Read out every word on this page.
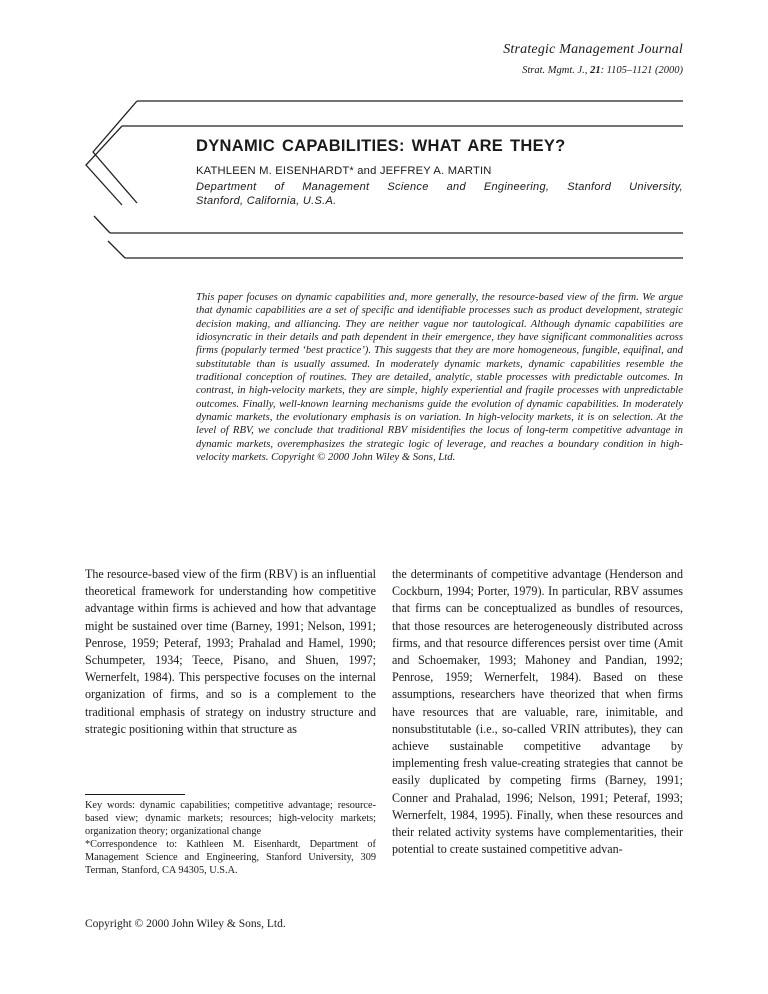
Strategic Management Journal
Strat. Mgmt. J., 21: 1105–1121 (2000)
DYNAMIC CAPABILITIES: WHAT ARE THEY?
KATHLEEN M. EISENHARDT* and JEFFREY A. MARTIN
Department of Management Science and Engineering, Stanford University,
Stanford, California, U.S.A.
This paper focuses on dynamic capabilities and, more generally, the resource-based view of the firm. We argue that dynamic capabilities are a set of specific and identifiable processes such as product development, strategic decision making, and alliancing. They are neither vague nor tautological. Although dynamic capabilities are idiosyncratic in their details and path dependent in their emergence, they have significant commonalities across firms (popularly termed ‘best practice’). This suggests that they are more homogeneous, fungible, equifinal, and substitutable than is usually assumed. In moderately dynamic markets, dynamic capabilities resemble the traditional conception of routines. They are detailed, analytic, stable processes with predictable outcomes. In contrast, in high-velocity markets, they are simple, highly experiential and fragile processes with unpredictable outcomes. Finally, well-known learning mechanisms guide the evolution of dynamic capabilities. In moderately dynamic markets, the evolutionary emphasis is on variation. In high-velocity markets, it is on selection. At the level of RBV, we conclude that traditional RBV misidentifies the locus of long-term competitive advantage in dynamic markets, overemphasizes the strategic logic of leverage, and reaches a boundary condition in high-velocity markets. Copyright © 2000 John Wiley & Sons, Ltd.

The resource-based view of the firm (RBV) is an influential theoretical framework for understanding how competitive advantage within firms is achieved and how that advantage might be sustained over time (Barney, 1991; Nelson, 1991; Penrose, 1959; Peteraf, 1993; Prahalad and Hamel, 1990; Schumpeter, 1934; Teece, Pisano, and Shuen, 1997; Wernerfelt, 1984). This perspective focuses on the internal organization of firms, and so is a complement to the traditional emphasis of strategy on industry structure and strategic positioning within that structure as

the determinants of competitive advantage (Henderson and Cockburn, 1994; Porter, 1979). In particular, RBV assumes that firms can be conceptualized as bundles of resources, that those resources are heterogeneously distributed across firms, and that resource differences persist over time (Amit and Schoemaker, 1993; Mahoney and Pandian, 1992; Penrose, 1959; Wernerfelt, 1984). Based on these assumptions, researchers have theorized that when firms have resources that are valuable, rare, inimitable, and nonsubstitutable (i.e., so-called VRIN attributes), they can achieve sustainable competitive advantage by implementing fresh value-creating strategies that cannot be easily duplicated by competing firms (Barney, 1991; Conner and Prahalad, 1996; Nelson, 1991; Peteraf, 1993; Wernerfelt, 1984, 1995). Finally, when these resources and their related activity systems have complementarities, their potential to create sustained competitive advan-

Key words: dynamic capabilities; competitive advantage; resource-based view; dynamic markets; resources; high-velocity markets; organization theory; organizational change

*Correspondence to: Kathleen M. Eisenhardt, Department of Management Science and Engineering, Stanford University, 309 Terman, Stanford, CA 94305, U.S.A.

Copyright © 2000 John Wiley & Sons, Ltd.
